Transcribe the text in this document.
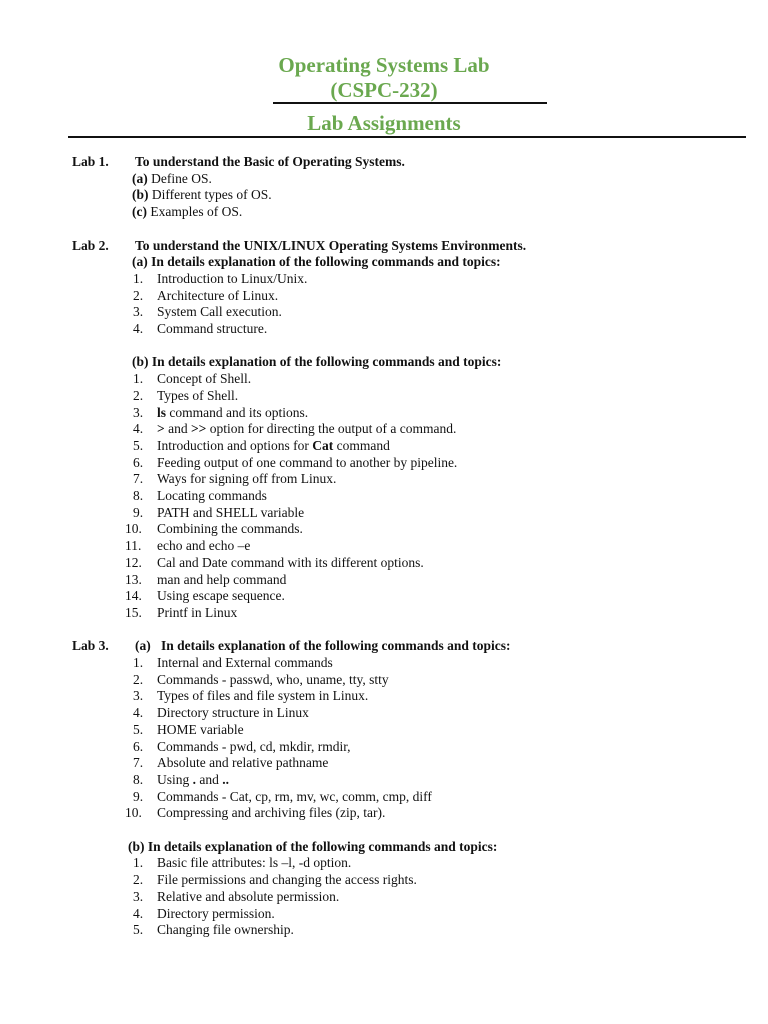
Operating Systems Lab
(CSPC-232)
Lab Assignments
Lab 1.	To understand the Basic of Operating Systems.
(a) Define OS.
(b) Different types of OS.
(c) Examples of OS.
Lab 2.	To understand the UNIX/LINUX Operating Systems Environments.
(a) In details explanation of the following commands and topics:
1.	Introduction to Linux/Unix.
2.	Architecture of Linux.
3.	System Call execution.
4.	Command structure.
(b) In details explanation of the following commands and topics:
1.	Concept of Shell.
2.	Types of Shell.
3.	ls command and its options.
4.	> and >> option for directing the output of a command.
5.	Introduction and options for Cat command
6.	Feeding output of one command to another by pipeline.
7.	Ways for signing off from Linux.
8.	Locating commands
9.	PATH and SHELL variable
10.	Combining the commands.
11.	echo and echo –e
12.	Cal and Date command with its different options.
13.	man and help command
14.	Using escape sequence.
15.	Printf in Linux
Lab 3.	(a) In details explanation of the following commands and topics:
1.	Internal and External commands
2.	Commands - passwd, who, uname, tty, stty
3.	Types of files and file system in Linux.
4.	Directory structure in Linux
5.	HOME variable
6.	Commands - pwd, cd, mkdir, rmdir,
7.	Absolute and relative pathname
8.	Using . and ..
9.	Commands - Cat, cp, rm, mv, wc, comm, cmp, diff
10.	Compressing and archiving files (zip, tar).
(b) In details explanation of the following commands and topics:
1.	Basic file attributes: ls –l, -d option.
2.	File permissions and changing the access rights.
3.	Relative and absolute permission.
4.	Directory permission.
5.	Changing file ownership.
